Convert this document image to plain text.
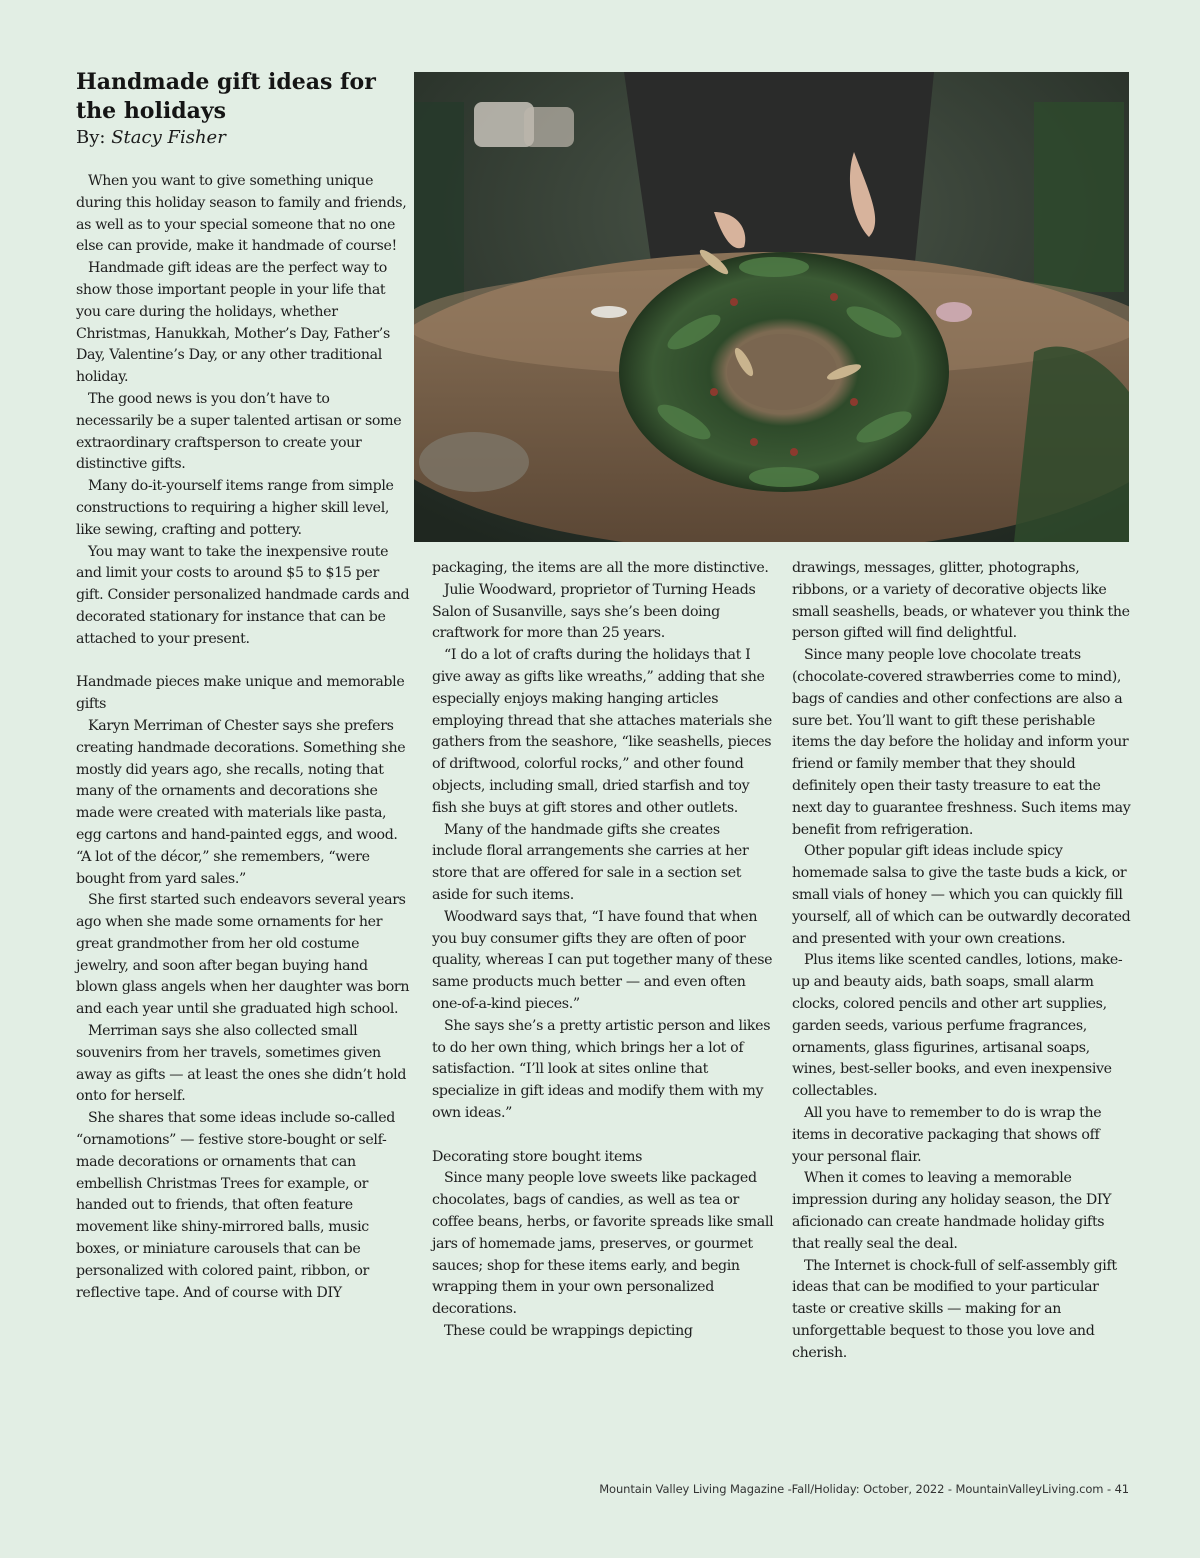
Handmade gift ideas for the holidays
By: Stacy Fisher

When you want to give something unique during this holiday season to family and friends, as well as to your special someone that no one else can provide, make it handmade of course!

Handmade gift ideas are the perfect way to show those important people in your life that you care during the holidays, whether Christmas, Hanukkah, Mother’s Day, Father’s Day, Valentine’s Day, or any other traditional holiday.

The good news is you don’t have to necessarily be a super talented artisan or some extraordinary craftsperson to create your distinctive gifts.

Many do-it-yourself items range from simple constructions to requiring a higher skill level, like sewing, crafting and pottery.

You may want to take the inexpensive route and limit your costs to around $5 to $15 per gift. Consider personalized handmade cards and decorated stationary for instance that can be attached to your present.

Handmade pieces make unique and memorable gifts

Karyn Merriman of Chester says she prefers creating handmade decorations. Something she mostly did years ago, she recalls, noting that many of the ornaments and decorations she made were created with materials like pasta, egg cartons and hand-painted eggs, and wood. “A lot of the décor,” she remembers, “were bought from yard sales.”

She first started such endeavors several years ago when she made some ornaments for her great grandmother from her old costume jewelry, and soon after began buying hand blown glass angels when her daughter was born and each year until she graduated high school.

Merriman says she also collected small souvenirs from her travels, sometimes given away as gifts — at least the ones she didn’t hold onto for herself.

She shares that some ideas include so-called “ornamotions” — festive store-bought or self-made decorations or ornaments that can embellish Christmas Trees for example, or handed out to friends, that often feature movement like shiny-mirrored balls, music boxes, or miniature carousels that can be personalized with colored paint, ribbon, or reflective tape. And of course with DIY

packaging, the items are all the more distinctive.

Julie Woodward, proprietor of Turning Heads Salon of Susanville, says she’s been doing craftwork for more than 25 years.

“I do a lot of crafts during the holidays that I give away as gifts like wreaths,” adding that she especially enjoys making hanging articles employing thread that she attaches materials she gathers from the seashore, “like seashells, pieces of driftwood, colorful rocks,” and other found objects, including small, dried starfish and toy fish she buys at gift stores and other outlets.

Many of the handmade gifts she creates include floral arrangements she carries at her store that are offered for sale in a section set aside for such items.

Woodward says that, “I have found that when you buy consumer gifts they are often of poor quality, whereas I can put together many of these same products much better — and even often one-of-a-kind pieces.”

She says she’s a pretty artistic person and likes to do her own thing, which brings her a lot of satisfaction. “I’ll look at sites online that specialize in gift ideas and modify them with my own ideas.”

Decorating store bought items

Since many people love sweets like packaged chocolates, bags of candies, as well as tea or coffee beans, herbs, or favorite spreads like small jars of homemade jams, preserves, or gourmet sauces; shop for these items early, and begin wrapping them in your own personalized decorations.

These could be wrappings depicting

drawings, messages, glitter, photographs, ribbons, or a variety of decorative objects like small seashells, beads, or whatever you think the person gifted will find delightful.

Since many people love chocolate treats (chocolate-covered strawberries come to mind), bags of candies and other confections are also a sure bet. You’ll want to gift these perishable items the day before the holiday and inform your friend or family member that they should definitely open their tasty treasure to eat the next day to guarantee freshness. Such items may benefit from refrigeration.

Other popular gift ideas include spicy homemade salsa to give the taste buds a kick, or small vials of honey — which you can quickly fill yourself, all of which can be outwardly decorated and presented with your own creations.

Plus items like scented candles, lotions, make-up and beauty aids, bath soaps, small alarm clocks, colored pencils and other art supplies, garden seeds, various perfume fragrances, ornaments, glass figurines, artisanal soaps, wines, best-seller books, and even inexpensive collectables.

All you have to remember to do is wrap the items in decorative packaging that shows off your personal flair.

When it comes to leaving a memorable impression during any holiday season, the DIY aficionado can create handmade holiday gifts that really seal the deal.

The Internet is chock-full of self-assembly gift ideas that can be modified to your particular taste or creative skills — making for an unforgettable bequest to those you love and cherish.

Mountain Valley Living Magazine -Fall/Holiday: October, 2022 - MountainValleyLiving.com - 41
